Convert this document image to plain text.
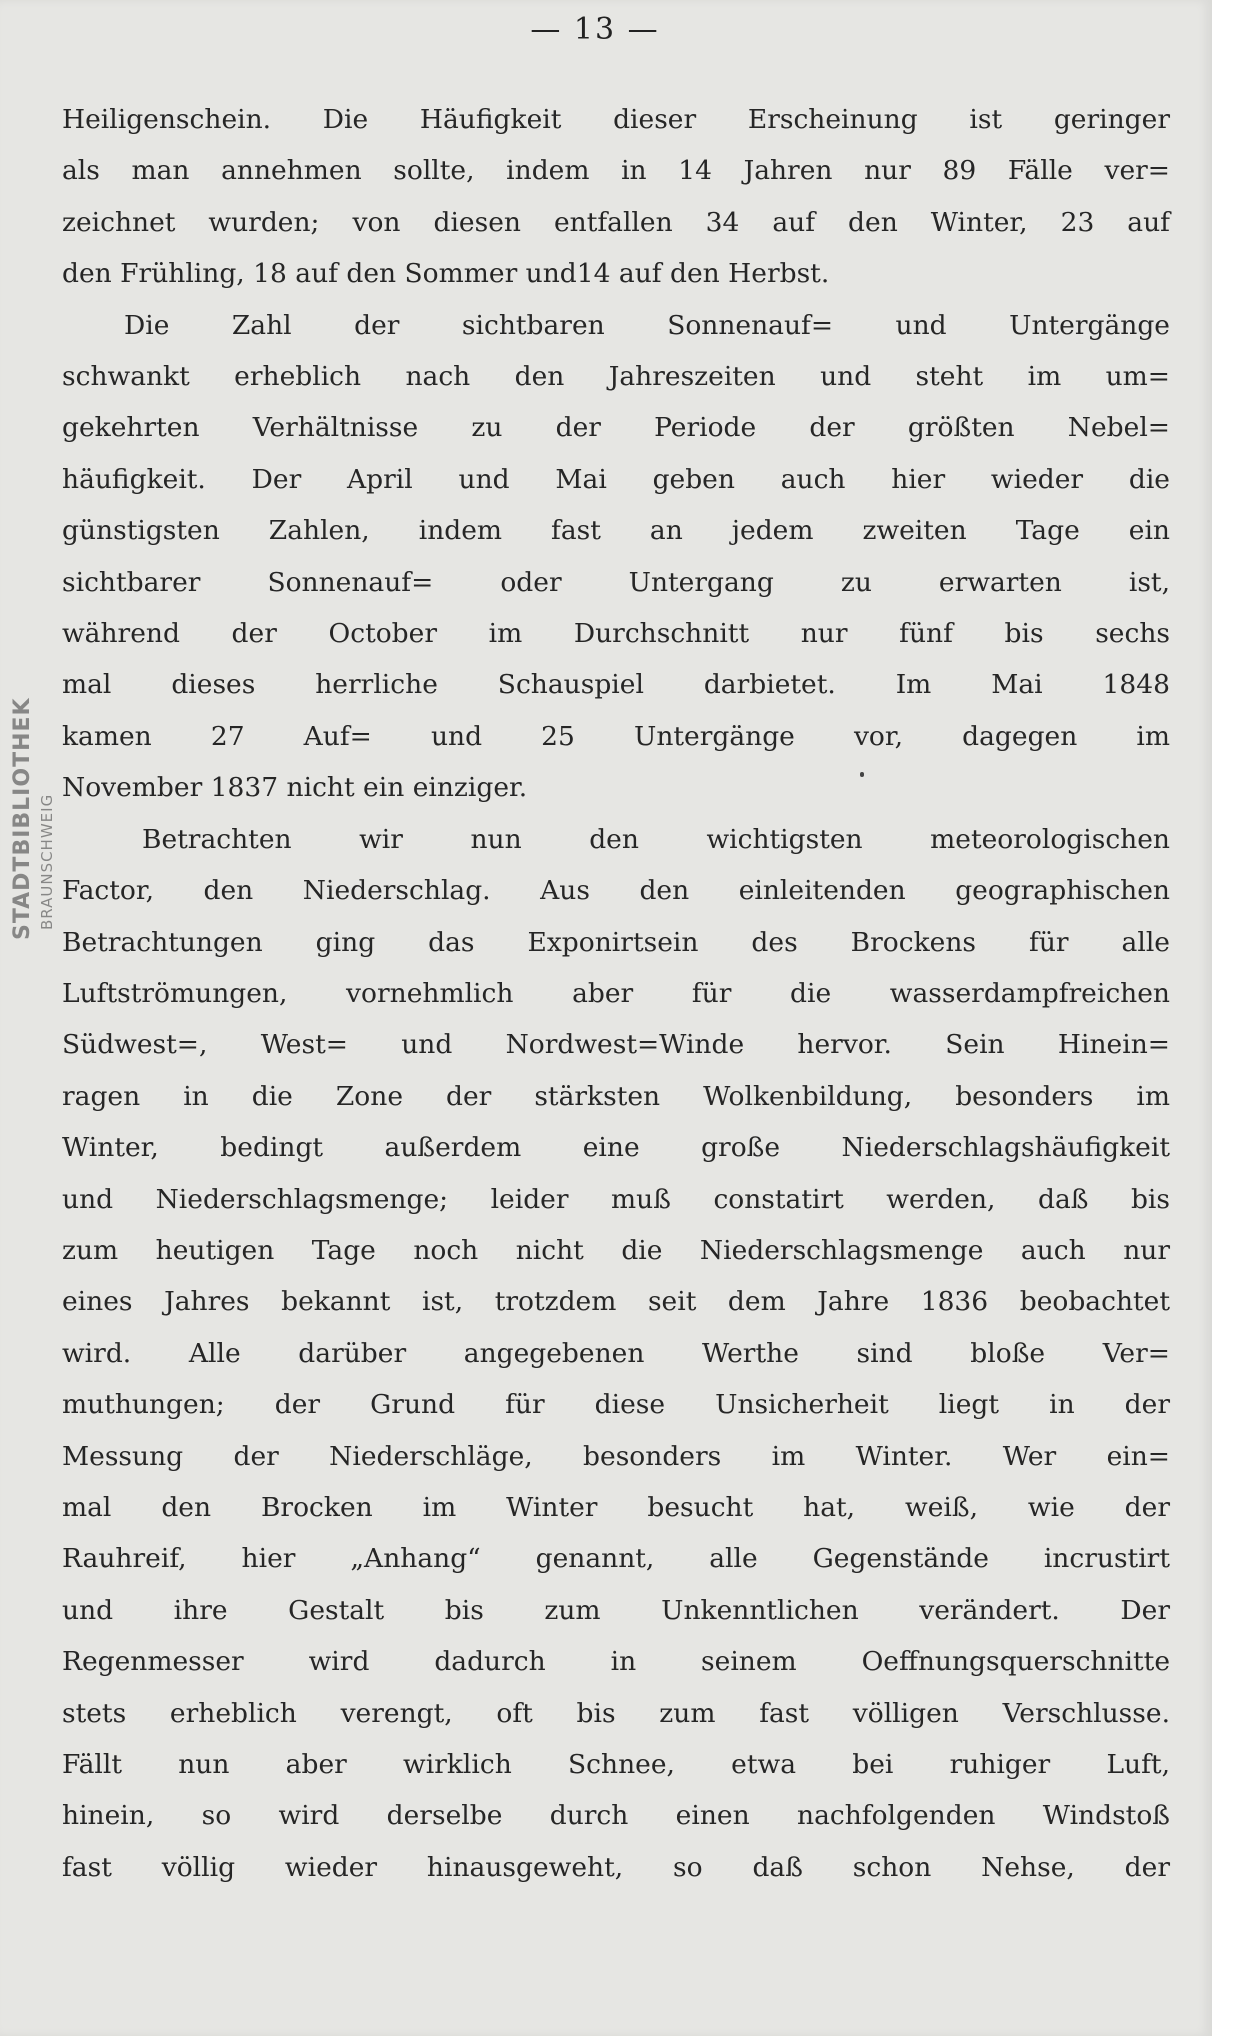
— 13 —
STADTBIBLIOTHEK BRAUNSCHWEIG
Heiligenschein. Die Häufigkeit dieser Erscheinung ist geringer
als man annehmen sollte, indem in 14 Jahren nur 89 Fälle ver=
zeichnet wurden; von diesen entfallen 34 auf den Winter, 23 auf
den Frühling, 18 auf den Sommer und14 auf den Herbst.
Die Zahl der sichtbaren Sonnenauf= und Untergänge
schwankt erheblich nach den Jahreszeiten und steht im um=
gekehrten Verhältnisse zu der Periode der größten Nebel=
häufigkeit. Der April und Mai geben auch hier wieder die
günstigsten Zahlen, indem fast an jedem zweiten Tage ein
sichtbarer Sonnenauf= oder Untergang zu erwarten ist,
während der October im Durchschnitt nur fünf bis sechs
mal dieses herrliche Schauspiel darbietet. Im Mai 1848
kamen 27 Auf= und 25 Untergänge vor, dagegen im
November 1837 nicht ein einziger.
Betrachten wir nun den wichtigsten meteorologischen
Factor, den Niederschlag. Aus den einleitenden geographischen
Betrachtungen ging das Exponirtsein des Brockens für alle
Luftströmungen, vornehmlich aber für die wasserdampfreichen
Südwest=, West= und Nordwest=Winde hervor. Sein Hinein=
ragen in die Zone der stärksten Wolkenbildung, besonders im
Winter, bedingt außerdem eine große Niederschlagshäufigkeit
und Niederschlagsmenge; leider muß constatirt werden, daß bis
zum heutigen Tage noch nicht die Niederschlagsmenge auch nur
eines Jahres bekannt ist, trotzdem seit dem Jahre 1836 beobachtet
wird. Alle darüber angegebenen Werthe sind bloße Ver=
muthungen; der Grund für diese Unsicherheit liegt in der
Messung der Niederschläge, besonders im Winter. Wer ein=
mal den Brocken im Winter besucht hat, weiß, wie der
Rauhreif, hier „Anhang“ genannt, alle Gegenstände incrustirt
und ihre Gestalt bis zum Unkenntlichen verändert. Der
Regenmesser wird dadurch in seinem Oeffnungsquerschnitte
stets erheblich verengt, oft bis zum fast völligen Verschlusse.
Fällt nun aber wirklich Schnee, etwa bei ruhiger Luft,
hinein, so wird derselbe durch einen nachfolgenden Windstoß
fast völlig wieder hinausgeweht, so daß schon Nehse, der
